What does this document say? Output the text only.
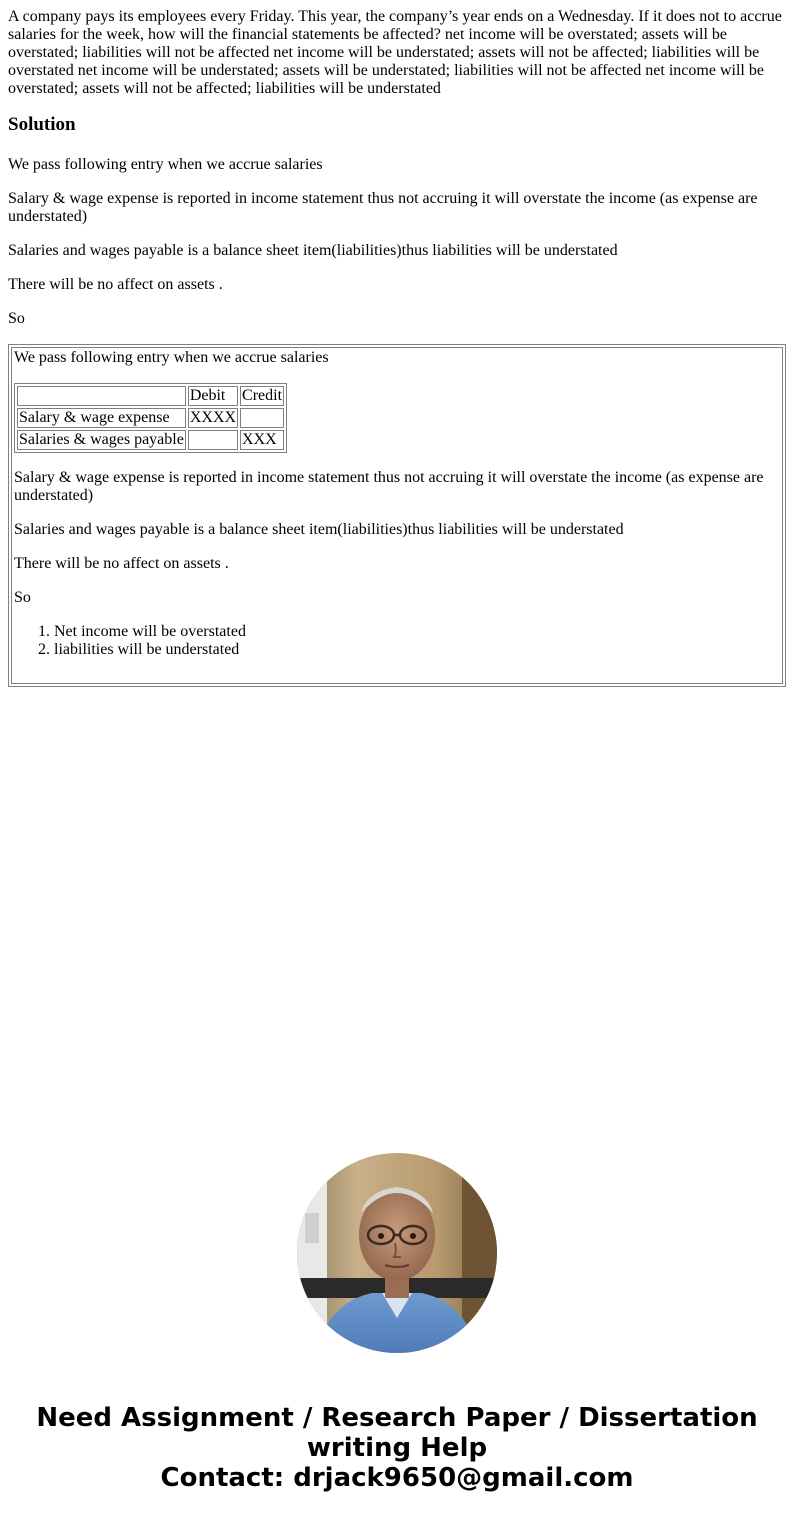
A company pays its employees every Friday. This year, the company’s year ends on a Wednesday. If it does not to accrue salaries for the week, how will the financial statements be affected? net income will be overstated; assets will be overstated; liabilities will not be affected net income will be understated; assets will not be affected; liabilities will be overstated net income will be understated; assets will be understated; liabilities will not be affected net income will be overstated; assets will not be affected; liabilities will be understated

Solution

We pass following entry when we accrue salaries

Salary & wage expense is reported in income statement thus not accruing it will overstate the income (as expense are understated)

Salaries and wages payable is a balance sheet item(liabilities)thus liabilities will be understated

There will be no affect on assets .

So

We pass following entry when we accrue salaries

	Debit	Credit
Salary & wage expense	XXXX	
Salaries & wages payable		XXX

Salary & wage expense is reported in income statement thus not accruing it will overstate the income (as expense are understated)

Salaries and wages payable is a balance sheet item(liabilities)thus liabilities will be understated

There will be no affect on assets .

So

1. Net income will be overstated
2. liabilities will be understated
Need Assignment / Research Paper / Dissertation
writing Help
Contact: drjack9650@gmail.com
